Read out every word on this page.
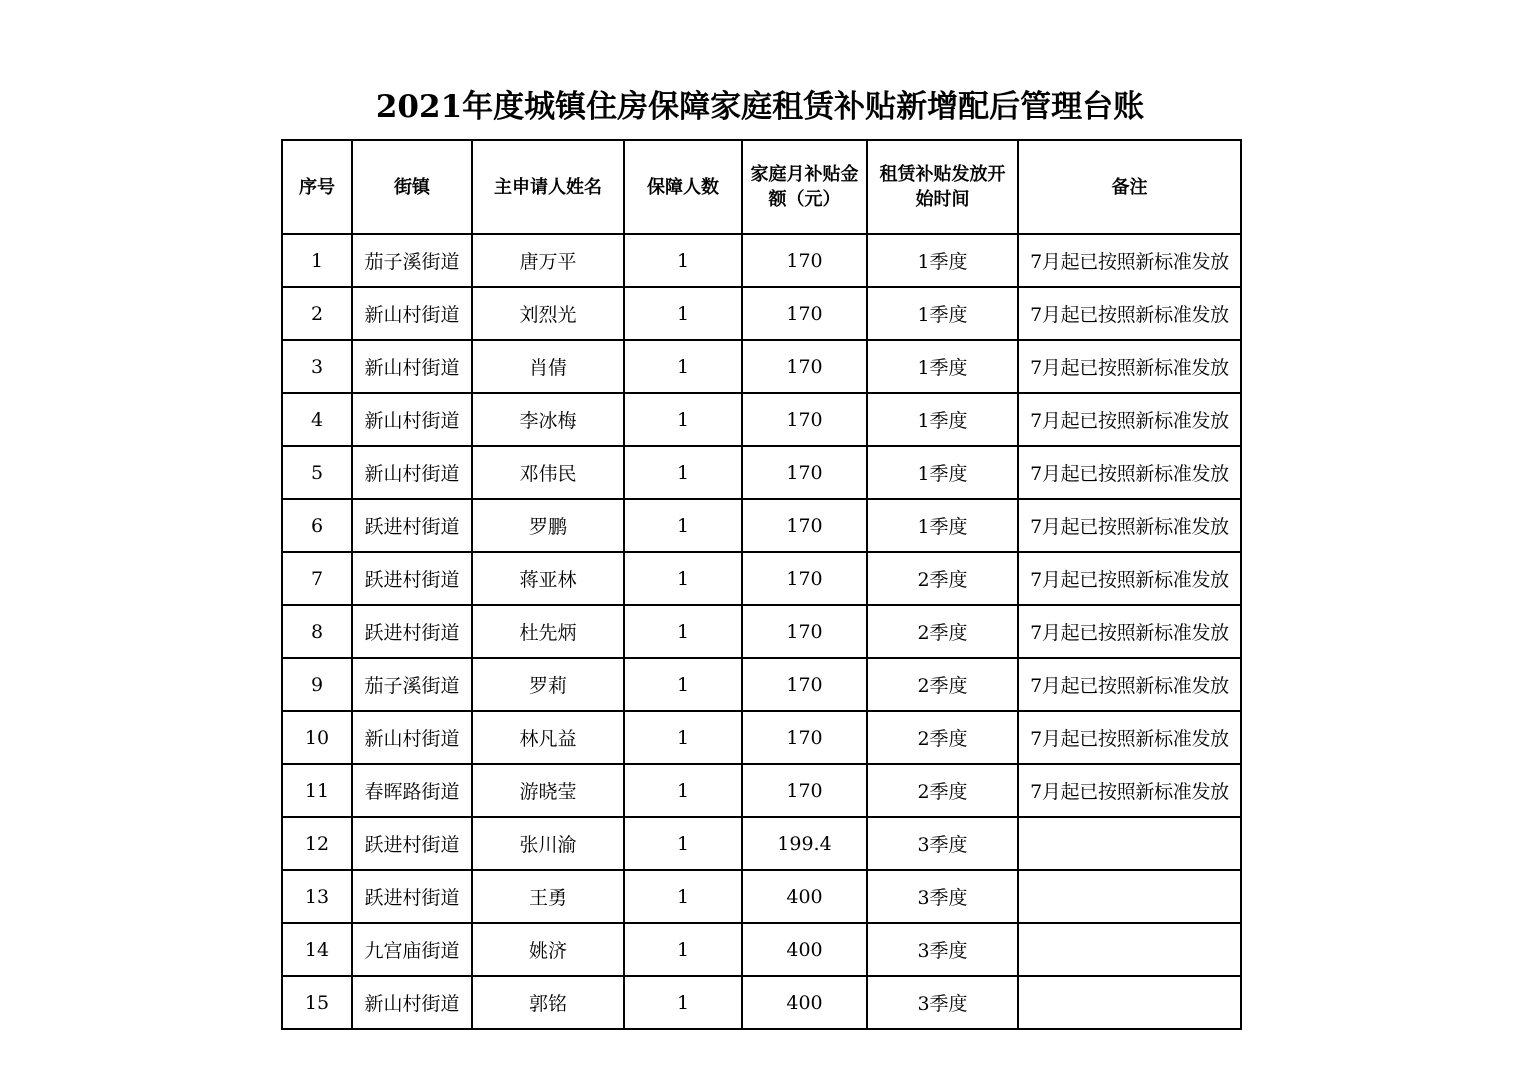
2021年度城镇住房保障家庭租赁补贴新增配后管理台账
序号	街镇	主申请人姓名	保障人数	家庭月补贴金额（元）	租赁补贴发放开始时间	备注
1	茄子溪街道	唐万平	1	170	1季度	7月起已按照新标准发放
2	新山村街道	刘烈光	1	170	1季度	7月起已按照新标准发放
3	新山村街道	肖倩	1	170	1季度	7月起已按照新标准发放
4	新山村街道	李冰梅	1	170	1季度	7月起已按照新标准发放
5	新山村街道	邓伟民	1	170	1季度	7月起已按照新标准发放
6	跃进村街道	罗鹏	1	170	1季度	7月起已按照新标准发放
7	跃进村街道	蒋亚林	1	170	2季度	7月起已按照新标准发放
8	跃进村街道	杜先炳	1	170	2季度	7月起已按照新标准发放
9	茄子溪街道	罗莉	1	170	2季度	7月起已按照新标准发放
10	新山村街道	林凡益	1	170	2季度	7月起已按照新标准发放
11	春晖路街道	游晓莹	1	170	2季度	7月起已按照新标准发放
12	跃进村街道	张川渝	1	199.4	3季度	
13	跃进村街道	王勇	1	400	3季度	
14	九宫庙街道	姚济	1	400	3季度	
15	新山村街道	郭铭	1	400	3季度	
